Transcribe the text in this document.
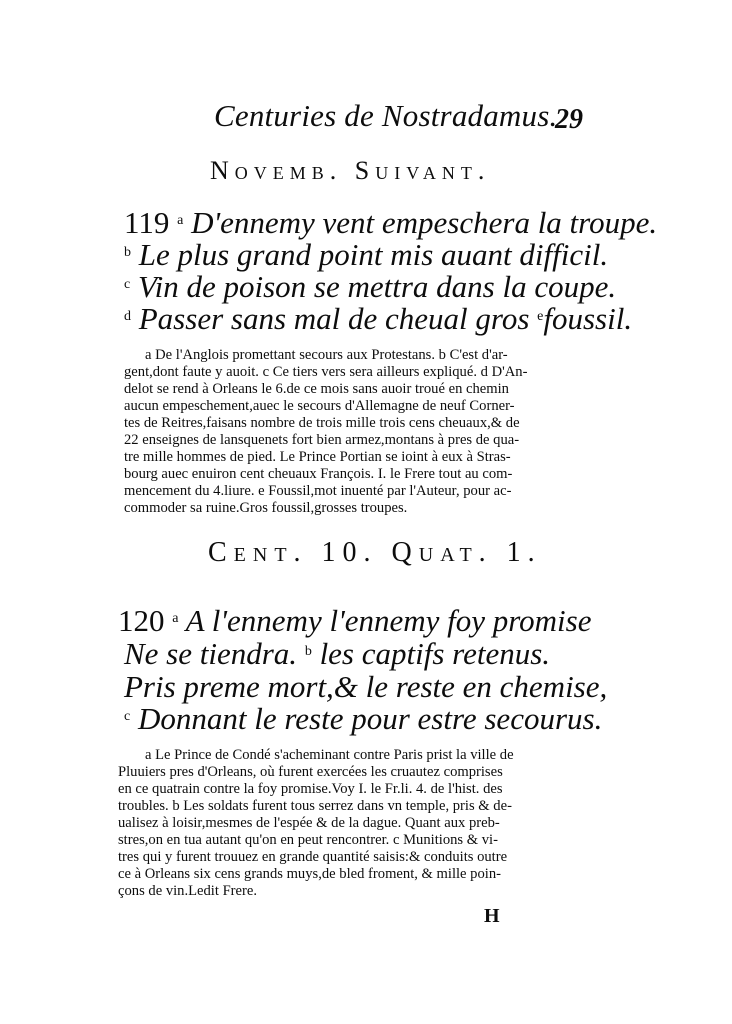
Centuries de Nostradamus.
29
Novemb. Suivant.
119 $^a$ D'ennemy vent empeschera la troupe.
$^b$ Le plus grand point mis auant difficil.
$^c$ Vin de poison se mettra dans la coupe.
$^d$ Passer sans mal de cheual gros $^e$foussil.
a De l'Anglois promettant secours aux Protestans. b C'est d'ar-
gent,dont faute y auoit. c Ce tiers vers sera ailleurs expliqué. d D'An-
delot se rend à Orleans le 6.de ce mois sans auoir troué en chemin
aucun empeschement,auec le secours d'Allemagne de neuf Corner-
tes de Reitres,faisans nombre de trois mille trois cens cheuaux,& de
22 enseignes de lansquenets fort bien armez,montans à pres de qua-
tre mille hommes de pied. Le Prince Portian se ioint à eux à Stras-
bourg auec enuiron cent cheuaux François. I. le Frere tout au com-
mencement du 4.liure. e Foussil,mot inuenté par l'Auteur, pour ac-
commoder sa ruine.Gros foussil,grosses troupes.
Cent. 10. Quat. 1.
120 $^a$ A l'ennemy l'ennemy foy promise
Ne se tiendra. $^b$ les captifs retenus.
Pris preme mort,& le reste en chemise,
$^c$ Donnant le reste pour estre secourus.
a Le Prince de Condé s'acheminant contre Paris prist la ville de
Pluuiers pres d'Orleans, où furent exercées les cruautez comprises
en ce quatrain contre la foy promise.Voy I. le Fr.li. 4. de l'hist. des
troubles. b Les soldats furent tous serrez dans vn temple, pris & de-
ualisez à loisir,mesmes de l'espée & de la dague. Quant aux preb-
stres,on en tua autant qu'on en peut rencontrer. c Munitions & vi-
tres qui y furent trouuez en grande quantité saisis:& conduits outre
ce à Orleans six cens grands muys,de bled froment, & mille poin-
çons de vin.Ledit Frere.
H
